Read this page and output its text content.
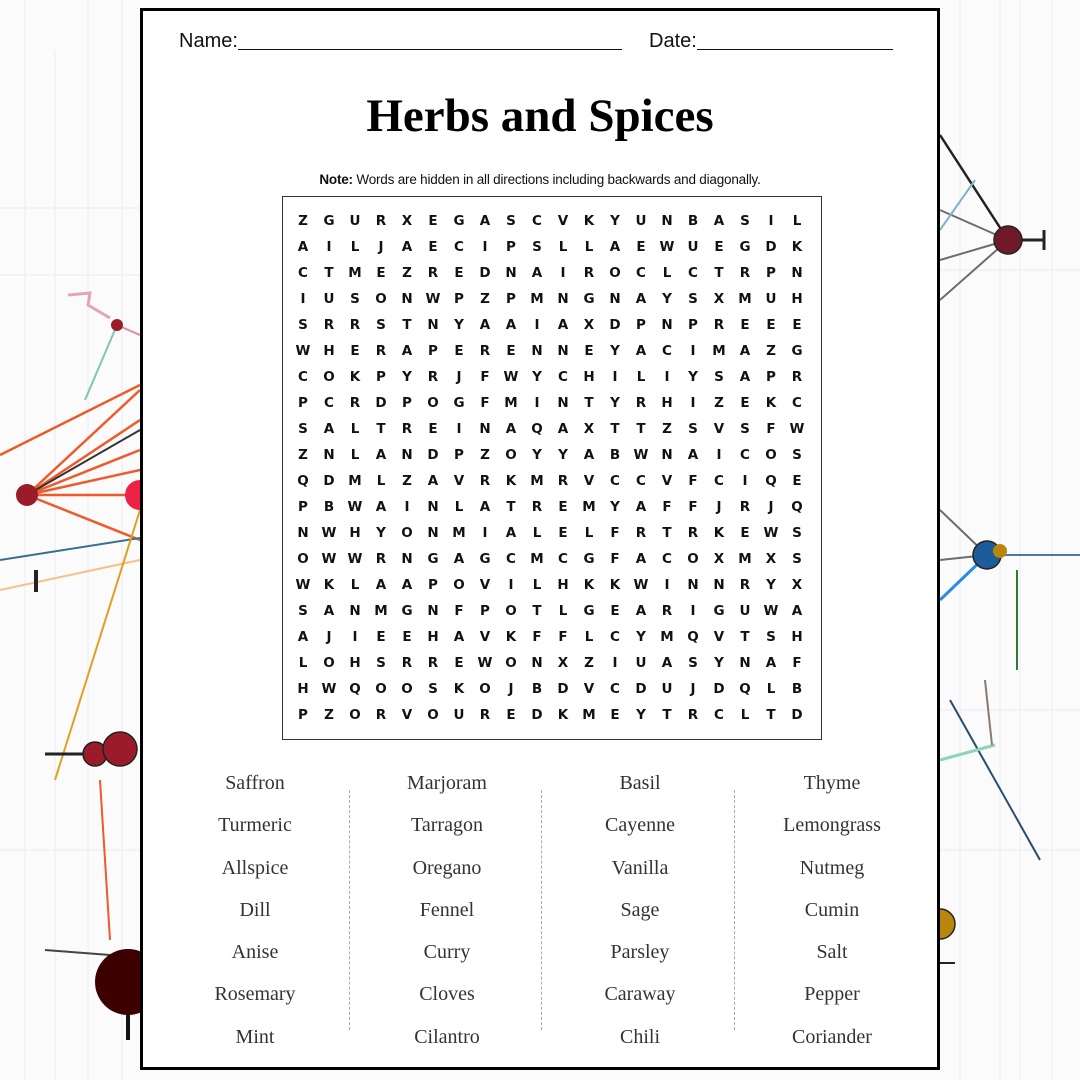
Name:	Date:
Herbs and Spices
Note: Words are hidden in all directions including backwards and diagonally.
Z	G	U	R	X	E	G	A	S	C	V	K	Y	U	N	B	A	S	I	L
A	I	L	J	A	E	C	I	P	S	L	L	A	E	W U	E	G	D	K
C	T	M	E	Z	R	E	D	N	A	I	R	O	C	L	C	T	R	P	N
I	U	S	O	N W	P	Z	P	M	N	G	N	A	Y	S	X	M	U	H
S	R	R	S	T	N	Y	A	A	I	A	X	D	P	N	P	R	E	E	E
W H	E	R	A	P	E	R	E	N	N	E	Y	A	C	I	M	A	Z	G
C	O	K	P	Y	R	J	F	W	Y	C	H	I	L	I	Y	S	A	P	R
P	C	R	D	P	O	G	F	M	I	N	T	Y	R	H	I	Z	E	K	C
S	A	L	T	R	E	I	N	A	Q	A	X	T	T	Z	S	V	S	F	W
Z	N	L	A	N	D	P	Z	O	Y	Y	A	B W N	A	I	C	O	S
Q	D	M	L	Z	A	V	R	K	M	R	V	C	C	V	F	C	I	Q	E
P	B W A	I	N	L	A	T	R	E	M	Y	A	F	F	J	R	J	Q
N W H	Y	O	N	M	I	A	L	E	L	F	R	T	R	K	E	W	S
O W W R	N	G	A	G	C	M	C	G	F	A	C	O	X	M	X	S
W K	L	A	A	P	O	V	I	L	H	K	K W	I	N	N	R	Y	X
S	A	N	M	G	N	F	P	O	T	L	G	E	A	R	I	G	U W A
A	J	I	E	E	H	A	V	K	F	F	L	C	Y	M	Q	V	T	S	H
L	O	H	S	R	R	E	W O	N	X	Z	I	U	A	S	Y	N	A	F
H W Q	O	O	S	K	O	J	B	D	V	C	D	U	J	D	Q	L	B
P	Z	O	R	V	O	U	R	E	D	K	M	E	Y	T	R	C	L	T	D
Saffron
Turmeric
Allspice
Dill
Anise
Rosemary
Mint
Marjoram
Tarragon
Oregano
Fennel
Curry
Cloves
Cilantro
Basil
Cayenne
Vanilla
Sage
Parsley
Caraway
Chili
Thyme
Lemongrass
Nutmeg
Cumin
Salt
Pepper
Coriander
